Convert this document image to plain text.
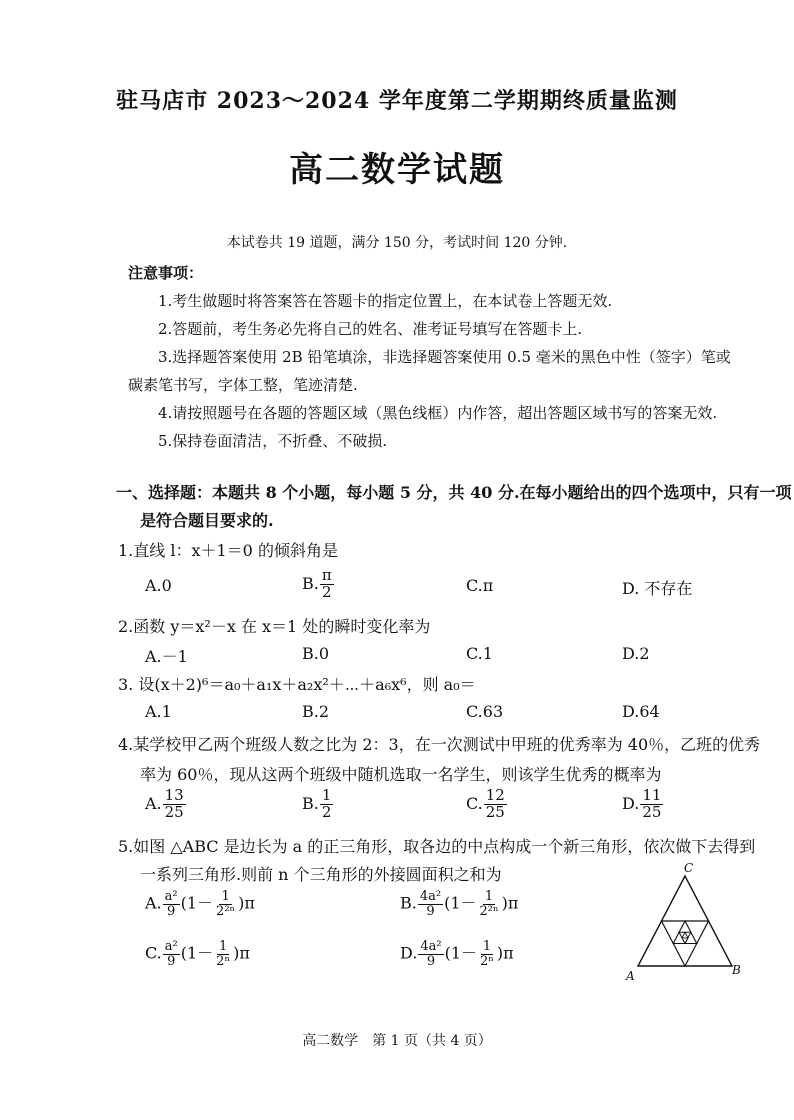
驻马店市 2023～2024 学年度第二学期期终质量监测
高二数学试题
本试卷共 19 道题，满分 150 分，考试时间 120 分钟.
注意事项：
1.考生做题时将答案答在答题卡的指定位置上，在本试卷上答题无效.
2.答题前，考生务必先将自己的姓名、准考证号填写在答题卡上.
3.选择题答案使用 2B 铅笔填涂，非选择题答案使用 0.5 毫米的黑色中性（签字）笔或
碳素笔书写，字体工整，笔迹清楚.
4.请按照题号在各题的答题区域（黑色线框）内作答，超出答题区域书写的答案无效.
5.保持卷面清洁，不折叠、不破损.
一、选择题：本题共 8 个小题，每小题 5 分，共 40 分.在每小题给出的四个选项中，只有一项
是符合题目要求的.
1.直线 l：x＋1＝0 的倾斜角是
A.0	B. $\frac{\pi}{2}$	C.π	D. 不存在
2.函数 y＝x²－x 在 x＝1 处的瞬时变化率为
A.－1	B.0	C.1	D.2
3. 设(x＋2)⁶＝a₀＋a₁x＋a₂x²＋⋯＋a₆x⁶，则 a₀＝
A.1	B.2	C.63	D.64
4.某学校甲乙两个班级人数之比为 2：3，在一次测试中甲班的优秀率为 40％，乙班的优秀
率为 60％，现从这两个班级中随机选取一名学生，则该学生优秀的概率为
A. $\frac{13}{25}$	B. $\frac{1}{2}$	C. $\frac{12}{25}$	D. $\frac{11}{25}$
5.如图 △ABC 是边长为 a 的正三角形，取各边的中点构成一个新三角形，依次做下去得到
一系列三角形.则前 n 个三角形的外接圆面积之和为
A. $\frac{\text{a²}}{9} (1- \frac{1}{\text{2²ⁿ}} )\pi$	B. $\frac{\text{4a²}}{9} (1- \frac{1}{\text{2²ⁿ}} )\pi$
C. $\frac{\text{a²}}{9} (1- \frac{1}{\text{2ⁿ}} )\pi$	D. $\frac{\text{4a²}}{9} (1- \frac{1}{\text{2ⁿ}} )\pi$
C
A	B
高二数学　第 1 页（共 4 页）
